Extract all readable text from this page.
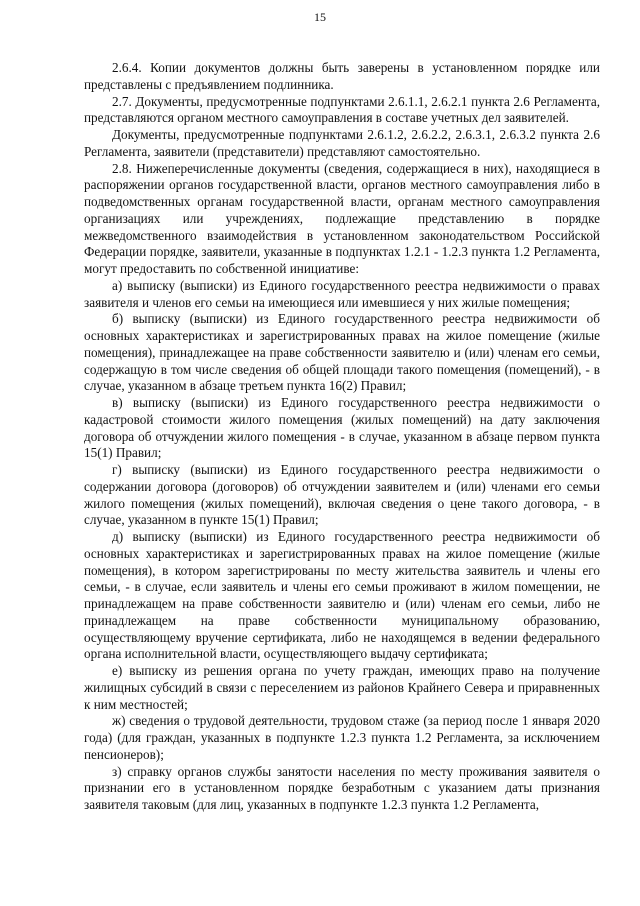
15

2.6.4. Копии документов должны быть заверены в установленном порядке или представлены с предъявлением подлинника.

2.7. Документы, предусмотренные подпунктами 2.6.1.1, 2.6.2.1 пункта 2.6 Регламента, представляются органом местного самоуправления в составе учетных дел заявителей.

Документы, предусмотренные подпунктами 2.6.1.2, 2.6.2.2, 2.6.3.1, 2.6.3.2 пункта 2.6 Регламента, заявители (представители) представляют самостоятельно.

2.8. Нижеперечисленные документы (сведения, содержащиеся в них), находящиеся в распоряжении органов государственной власти, органов местного самоуправления либо в подведомственных органам государственной власти, органам местного самоуправления организациях или учреждениях, подлежащие представлению в порядке межведомственного взаимодействия в установленном законодательством Российской Федерации порядке, заявители, указанные в подпунктах 1.2.1 - 1.2.3 пункта 1.2 Регламента, могут предоставить по собственной инициативе:

а) выписку (выписки) из Единого государственного реестра недвижимости о правах заявителя и членов его семьи на имеющиеся или имевшиеся у них жилые помещения;

б) выписку (выписки) из Единого государственного реестра недвижимости об основных характеристиках и зарегистрированных правах на жилое помещение (жилые помещения), принадлежащее на праве собственности заявителю и (или) членам его семьи, содержащую в том числе сведения об общей площади такого помещения (помещений), - в случае, указанном в абзаце третьем пункта 16(2) Правил;

в) выписку (выписки) из Единого государственного реестра недвижимости о кадастровой стоимости жилого помещения (жилых помещений) на дату заключения договора об отчуждении жилого помещения - в случае, указанном в абзаце первом пункта 15(1) Правил;

г) выписку (выписки) из Единого государственного реестра недвижимости о содержании договора (договоров) об отчуждении заявителем и (или) членами его семьи жилого помещения (жилых помещений), включая сведения о цене такого договора, - в случае, указанном в пункте 15(1) Правил;

д) выписку (выписки) из Единого государственного реестра недвижимости об основных характеристиках и зарегистрированных правах на жилое помещение (жилые помещения), в котором зарегистрированы по месту жительства заявитель и члены его семьи, - в случае, если заявитель и члены его семьи проживают в жилом помещении, не принадлежащем на праве собственности заявителю и (или) членам его семьи, либо не принадлежащем на праве собственности муниципальному образованию, осуществляющему вручение сертификата, либо не находящемся в ведении федерального органа исполнительной власти, осуществляющего выдачу сертификата;

е) выписку из решения органа по учету граждан, имеющих право на получение жилищных субсидий в связи с переселением из районов Крайнего Севера и приравненных к ним местностей;

ж) сведения о трудовой деятельности, трудовом стаже (за период после 1 января 2020 года) (для граждан, указанных в подпункте 1.2.3 пункта 1.2 Регламента, за исключением пенсионеров);

з) справку органов службы занятости населения по месту проживания заявителя о признании его в установленном порядке безработным с указанием даты признания заявителя таковым (для лиц, указанных в подпункте 1.2.3 пункта 1.2 Регламента,
